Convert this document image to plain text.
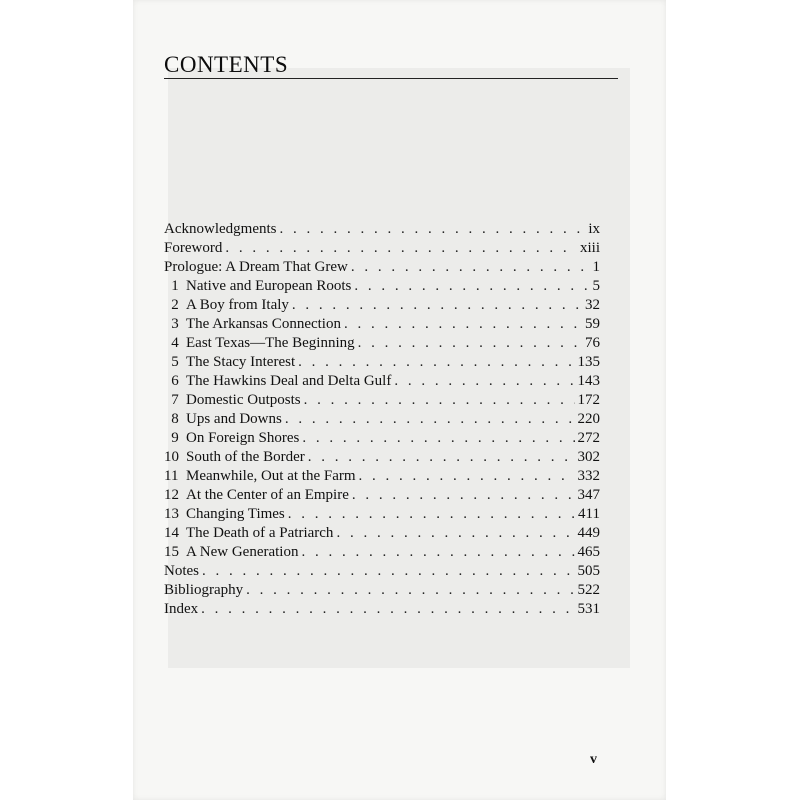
CONTENTS
Acknowledgments . . .	ix
Foreword . . .	xiii
Prologue: A Dream That Grew . . .	1
1 Native and European Roots . . .	5
2 A Boy from Italy . . .	32
3 The Arkansas Connection . . .	59
4 East Texas—The Beginning . . .	76
5 The Stacy Interest . . .	135
6 The Hawkins Deal and Delta Gulf . . .	143
7 Domestic Outposts . . .	172
8 Ups and Downs . . .	220
9 On Foreign Shores . . .	272
10 South of the Border . . .	302
11 Meanwhile, Out at the Farm . . .	332
12 At the Center of an Empire . . .	347
13 Changing Times . . .	411
14 The Death of a Patriarch . . .	449
15 A New Generation . . .	465
Notes . . .	505
Bibliography . . .	522
Index . . .	531
v
